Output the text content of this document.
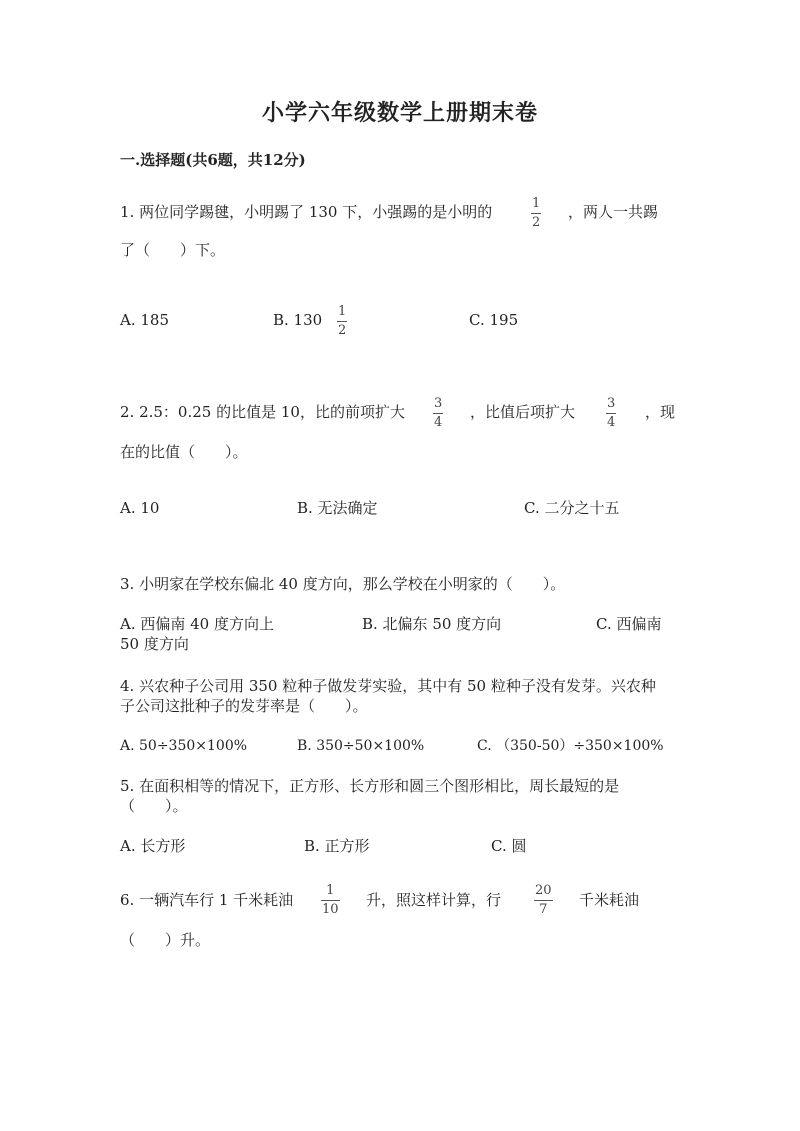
小学六年级数学上册期末卷
一.选择题(共6题，共12分)
1. 两位同学踢毽，小明踢了 130 下，小强踢的是小明的	1
2
，两人一共踢
了（　　）下。
A. 185	B. 130 1
2
C. 195
2. 2.5：0.25 的比值是 10，比的前项扩大 3
4
，比值后项扩大 3
4
，现
在的比值（　　）。
A. 10	B. 无法确定	C. 二分之十五
3. 小明家在学校东偏北 40 度方向，那么学校在小明家的（　　）。
A. 西偏南 40 度方向上	B. 北偏东 50 度方向	C. 西偏南
50 度方向
4. 兴农种子公司用 350 粒种子做发芽实验，其中有 50 粒种子没有发芽。兴农种
子公司这批种子的发芽率是（　　）。
A. 50÷350×100%	B. 350÷50×100%	C. （350-50）÷350×100%
5. 在面积相等的情况下，正方形、长方形和圆三个图形相比，周长最短的是
（　　）。
A. 长方形	B. 正方形	C. 圆
6. 一辆汽车行 1 千米耗油
1
10
升，照这样计算，行
20
7
千米耗油
（　　）升。
